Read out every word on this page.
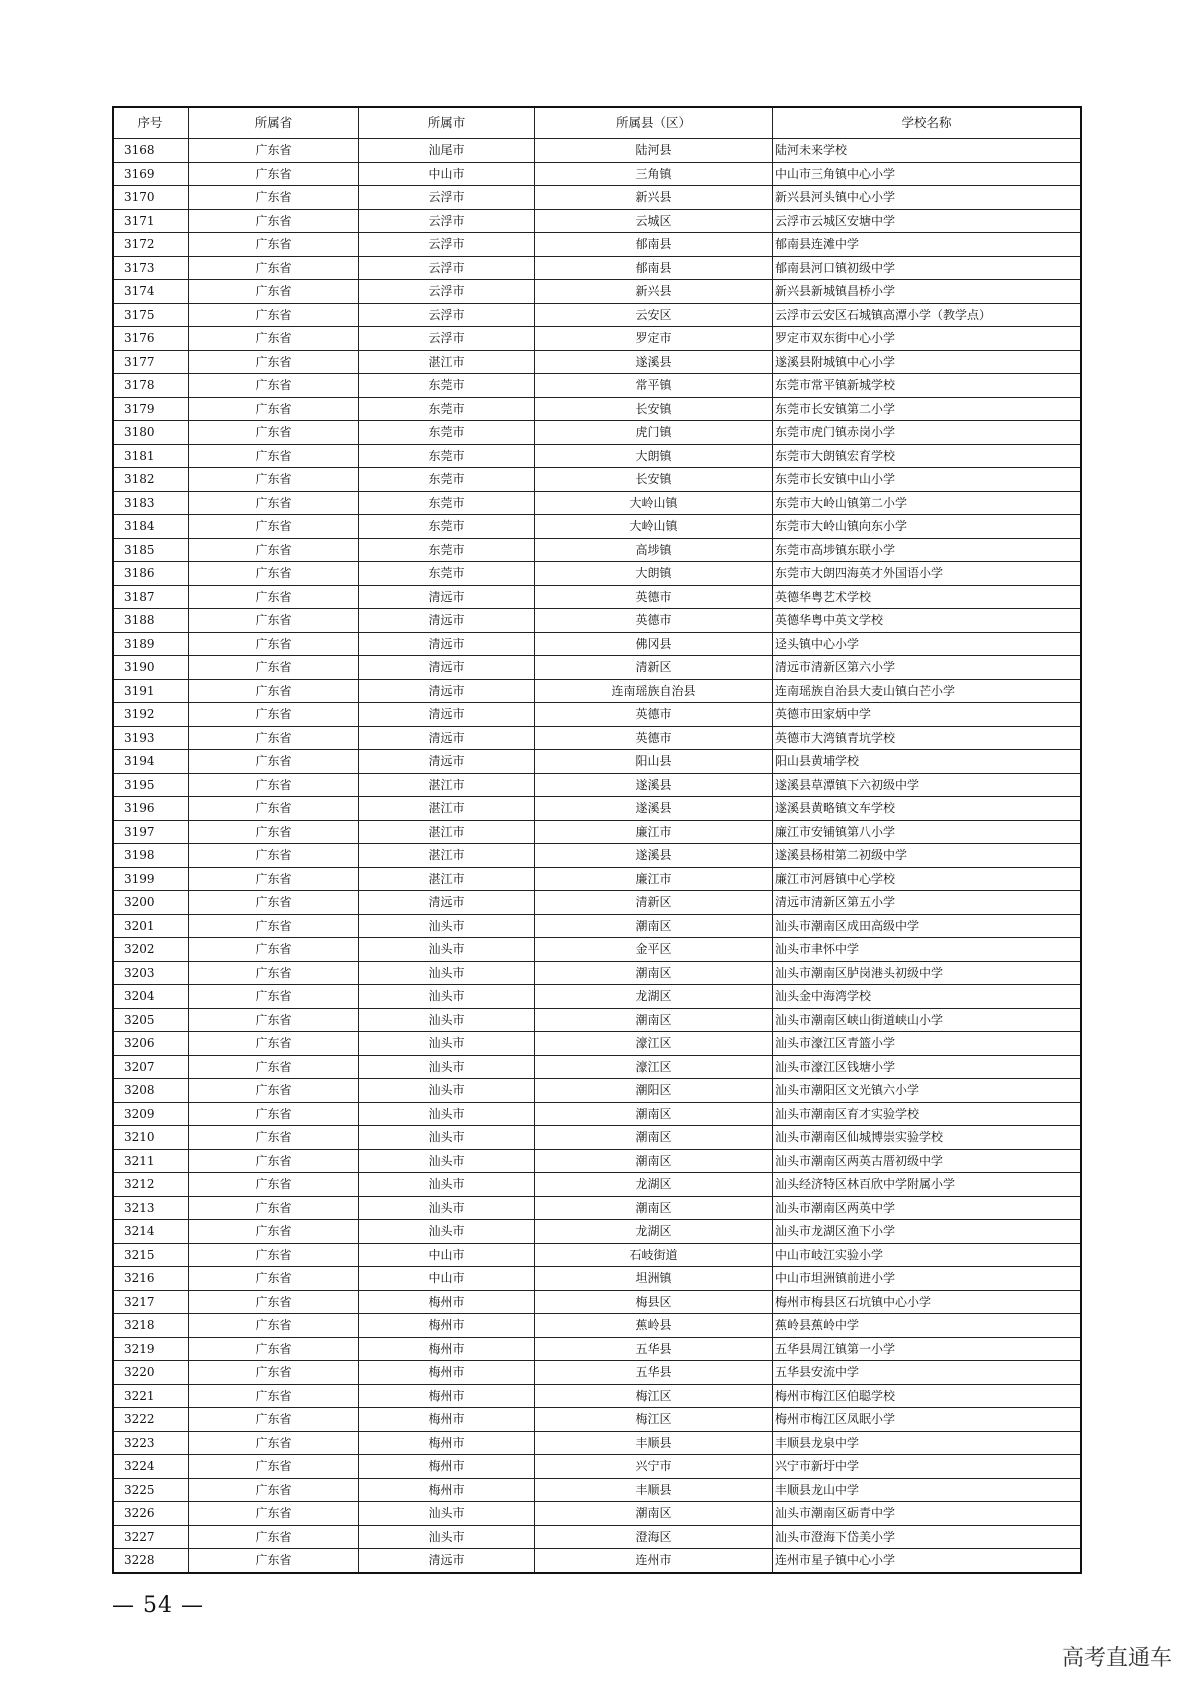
序号	所属省	所属市	所属县（区）	学校名称
3168	广东省	汕尾市	陆河县	陆河未来学校
3169	广东省	中山市	三角镇	中山市三角镇中心小学
3170	广东省	云浮市	新兴县	新兴县河头镇中心小学
3171	广东省	云浮市	云城区	云浮市云城区安塘中学
3172	广东省	云浮市	郁南县	郁南县连滩中学
3173	广东省	云浮市	郁南县	郁南县河口镇初级中学
3174	广东省	云浮市	新兴县	新兴县新城镇昌桥小学
3175	广东省	云浮市	云安区	云浮市云安区石城镇高潭小学（教学点）
3176	广东省	云浮市	罗定市	罗定市双东街中心小学
3177	广东省	湛江市	遂溪县	遂溪县附城镇中心小学
3178	广东省	东莞市	常平镇	东莞市常平镇新城学校
3179	广东省	东莞市	长安镇	东莞市长安镇第二小学
3180	广东省	东莞市	虎门镇	东莞市虎门镇赤岗小学
3181	广东省	东莞市	大朗镇	东莞市大朗镇宏育学校
3182	广东省	东莞市	长安镇	东莞市长安镇中山小学
3183	广东省	东莞市	大岭山镇	东莞市大岭山镇第二小学
3184	广东省	东莞市	大岭山镇	东莞市大岭山镇向东小学
3185	广东省	东莞市	高埗镇	东莞市高埗镇东联小学
3186	广东省	东莞市	大朗镇	东莞市大朗四海英才外国语小学
3187	广东省	清远市	英德市	英德华粤艺术学校
3188	广东省	清远市	英德市	英德华粤中英文学校
3189	广东省	清远市	佛冈县	迳头镇中心小学
3190	广东省	清远市	清新区	清远市清新区第六小学
3191	广东省	清远市	连南瑶族自治县	连南瑶族自治县大麦山镇白芒小学
3192	广东省	清远市	英德市	英德市田家炳中学
3193	广东省	清远市	英德市	英德市大湾镇青坑学校
3194	广东省	清远市	阳山县	阳山县黄埔学校
3195	广东省	湛江市	遂溪县	遂溪县草潭镇下六初级中学
3196	广东省	湛江市	遂溪县	遂溪县黄略镇文车学校
3197	广东省	湛江市	廉江市	廉江市安铺镇第八小学
3198	广东省	湛江市	遂溪县	遂溪县杨柑第二初级中学
3199	广东省	湛江市	廉江市	廉江市河唇镇中心学校
3200	广东省	清远市	清新区	清远市清新区第五小学
3201	广东省	汕头市	潮南区	汕头市潮南区成田高级中学
3202	广东省	汕头市	金平区	汕头市聿怀中学
3203	广东省	汕头市	潮南区	汕头市潮南区胪岗港头初级中学
3204	广东省	汕头市	龙湖区	汕头金中海湾学校
3205	广东省	汕头市	潮南区	汕头市潮南区峡山街道峡山小学
3206	广东省	汕头市	濠江区	汕头市濠江区青篮小学
3207	广东省	汕头市	濠江区	汕头市濠江区钱塘小学
3208	广东省	汕头市	潮阳区	汕头市潮阳区文光镇六小学
3209	广东省	汕头市	潮南区	汕头市潮南区育才实验学校
3210	广东省	汕头市	潮南区	汕头市潮南区仙城博崇实验学校
3211	广东省	汕头市	潮南区	汕头市潮南区两英古厝初级中学
3212	广东省	汕头市	龙湖区	汕头经济特区林百欣中学附属小学
3213	广东省	汕头市	潮南区	汕头市潮南区两英中学
3214	广东省	汕头市	龙湖区	汕头市龙湖区渔下小学
3215	广东省	中山市	石岐街道	中山市岐江实验小学
3216	广东省	中山市	坦洲镇	中山市坦洲镇前进小学
3217	广东省	梅州市	梅县区	梅州市梅县区石坑镇中心小学
3218	广东省	梅州市	蕉岭县	蕉岭县蕉岭中学
3219	广东省	梅州市	五华县	五华县周江镇第一小学
3220	广东省	梅州市	五华县	五华县安流中学
3221	广东省	梅州市	梅江区	梅州市梅江区伯聪学校
3222	广东省	梅州市	梅江区	梅州市梅江区凤眠小学
3223	广东省	梅州市	丰顺县	丰顺县龙泉中学
3224	广东省	梅州市	兴宁市	兴宁市新圩中学
3225	广东省	梅州市	丰顺县	丰顺县龙山中学
3226	广东省	汕头市	潮南区	汕头市潮南区砺青中学
3227	广东省	汕头市	澄海区	汕头市澄海下岱美小学
3228	广东省	清远市	连州市	连州市星子镇中心小学
— 54 —
高考直通车
